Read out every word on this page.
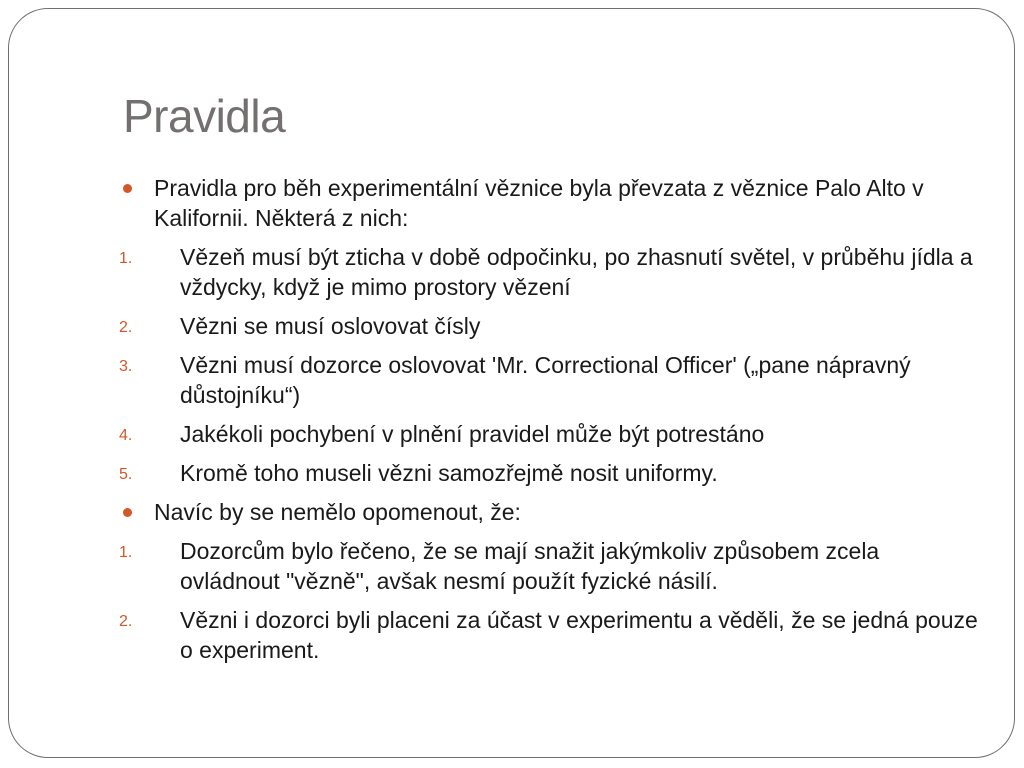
Pravidla
Pravidla pro běh experimentální věznice byla převzata z věznice Palo Alto v Kalifornii. Některá z nich:
1. Vězeň musí být zticha v době odpočinku, po zhasnutí světel, v průběhu jídla a vždycky, když je mimo prostory vězení
2. Vězni se musí oslovovat čísly
3. Vězni musí dozorce oslovovat 'Mr. Correctional Officer' („pane nápravný důstojníku“)
4. Jakékoli pochybení v plnění pravidel může být potrestáno
5. Kromě toho museli vězni samozřejmě nosit uniformy.
Navíc by se nemělo opomenout, že:
1. Dozorcům bylo řečeno, že se mají snažit jakýmkoliv způsobem zcela ovládnout "vězně", avšak nesmí použít fyzické násilí.
2. Vězni i dozorci byli placeni za účast v experimentu a věděli, že se jedná pouze o experiment.
